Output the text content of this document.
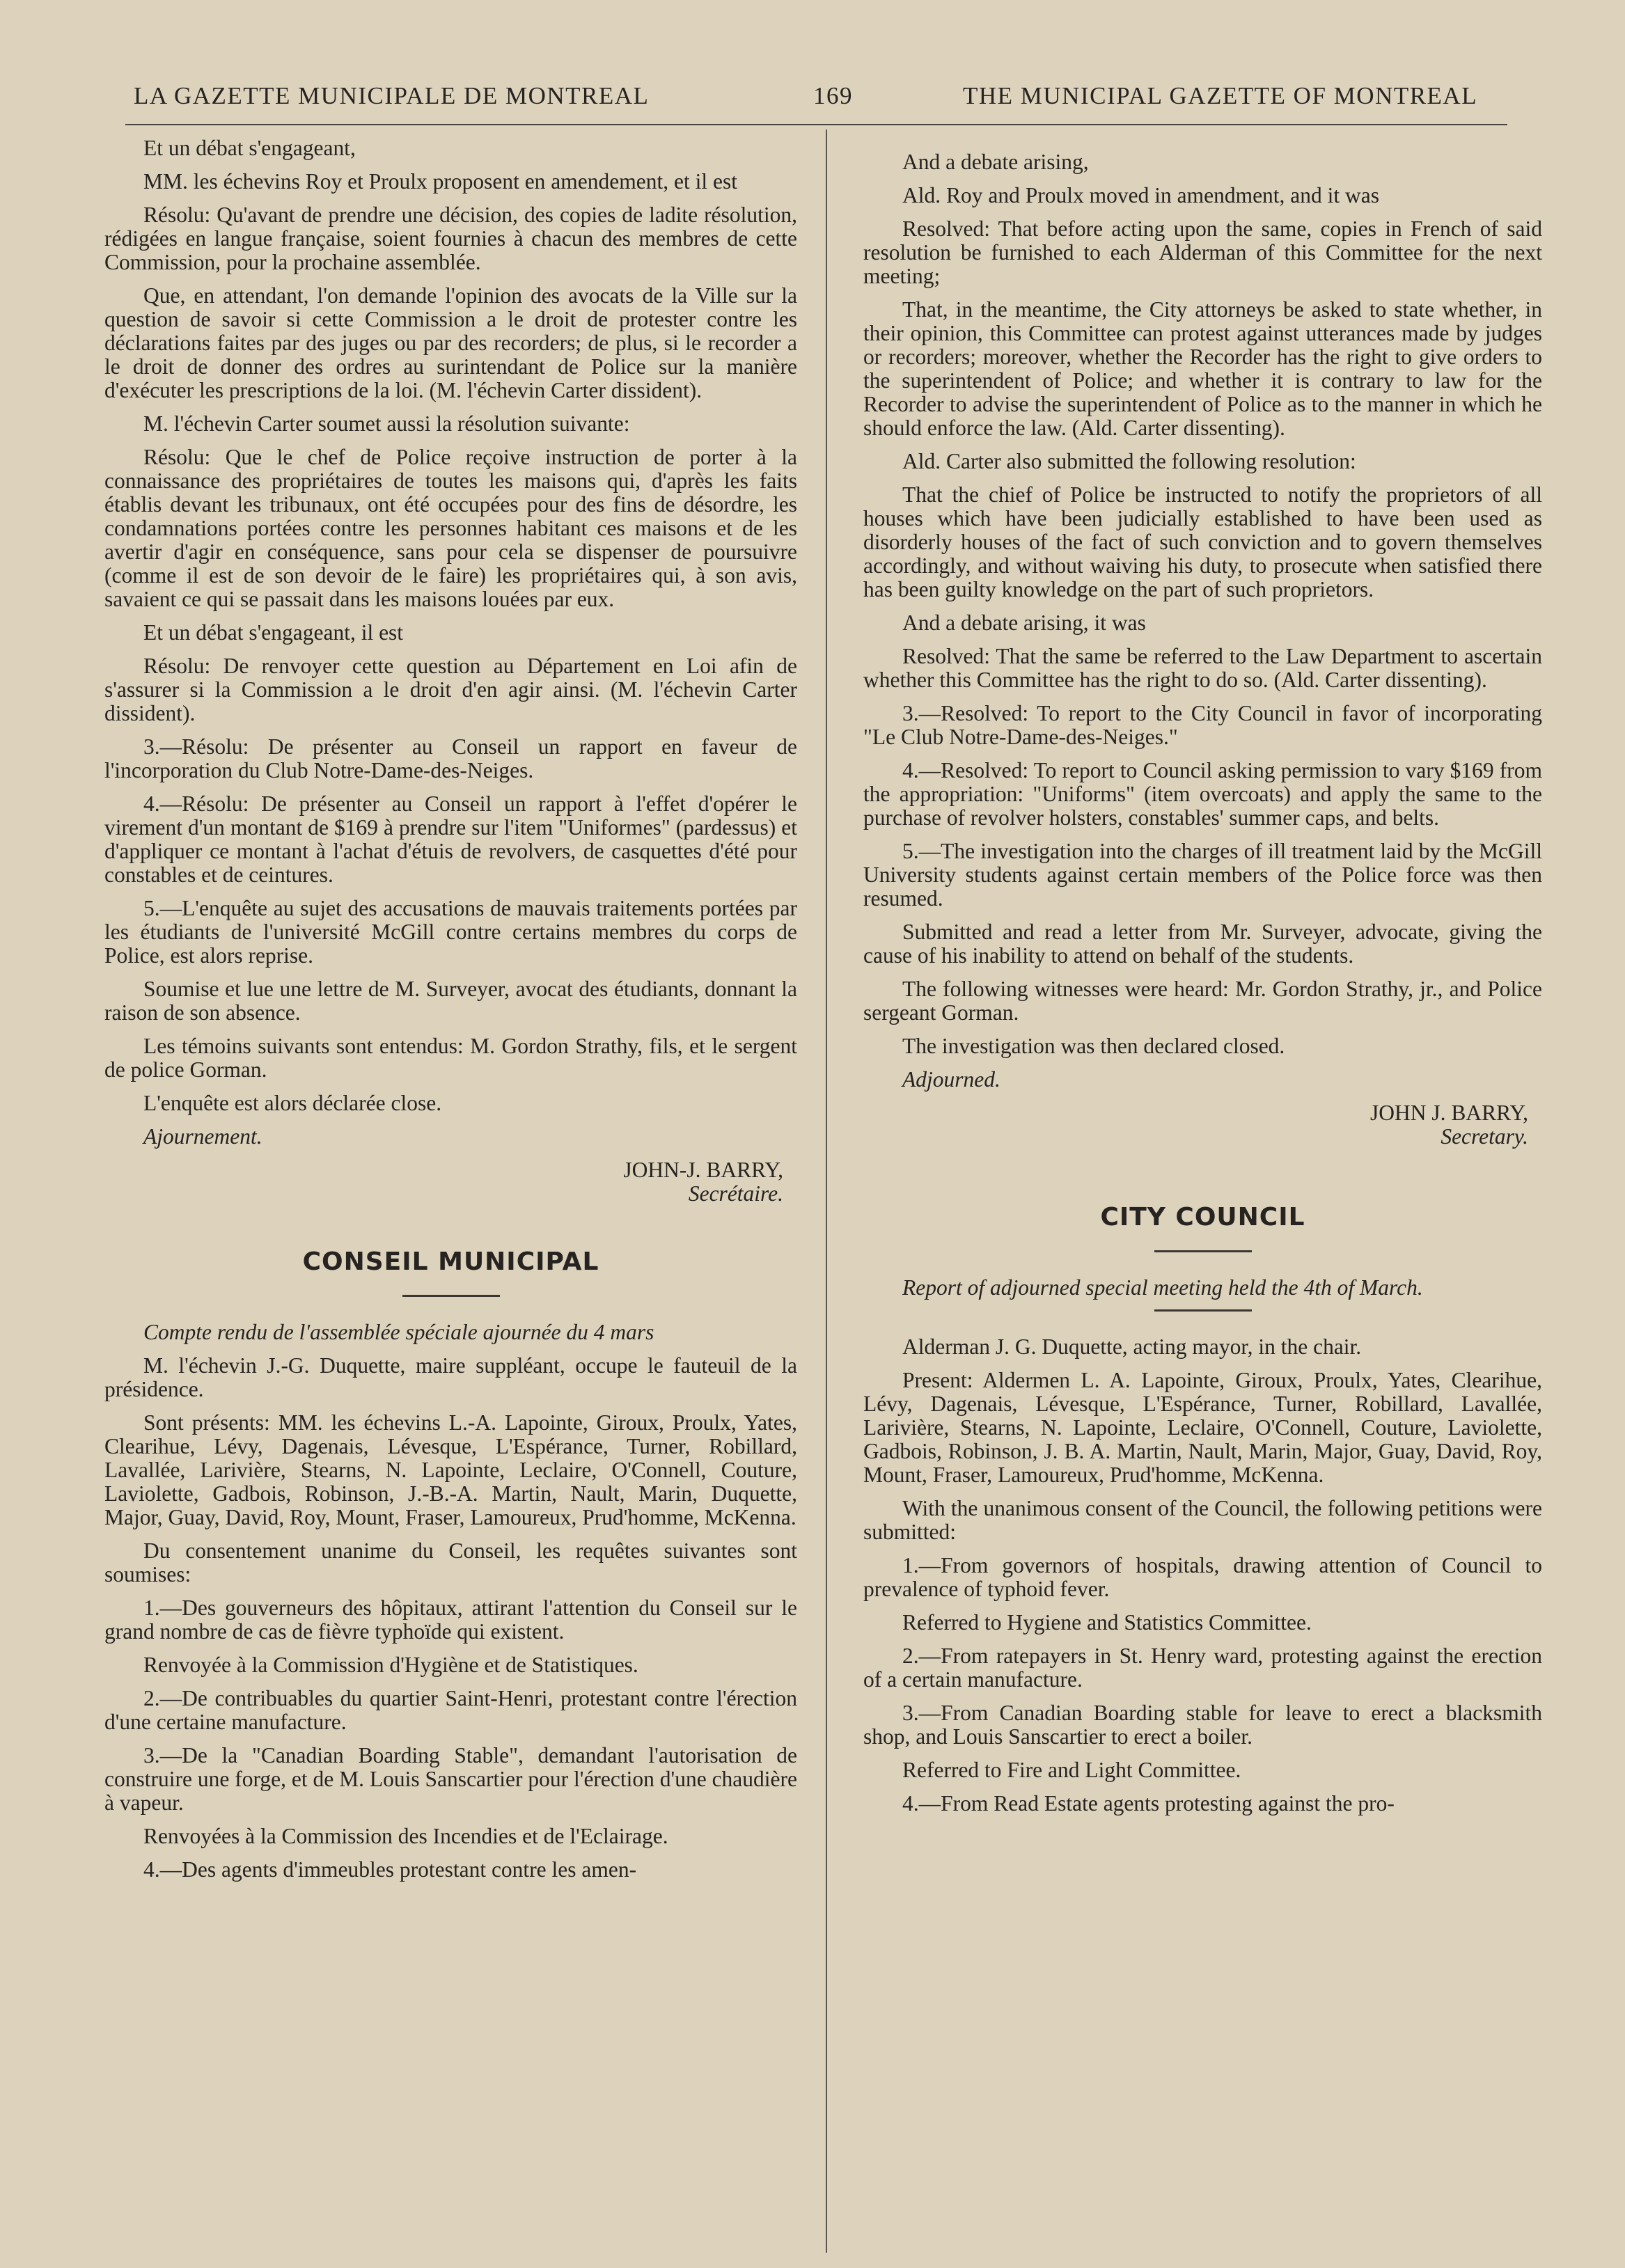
LA GAZETTE MUNICIPALE DE MONTREAL	169	THE MUNICIPAL GAZETTE OF MONTREAL

Et un débat s'engageant,

MM. les échevins Roy et Proulx proposent en amendement, et il est

Résolu: Qu'avant de prendre une décision, des copies de ladite résolution, rédigées en langue française, soient fournies à chacun des membres de cette Commission, pour la prochaine assemblée.

Que, en attendant, l'on demande l'opinion des avocats de la Ville sur la question de savoir si cette Commission a le droit de protester contre les déclarations faites par des juges ou par des recorders; de plus, si le recorder a le droit de donner des ordres au surintendant de Police sur la manière d'exécuter les prescriptions de la loi. (M. l'échevin Carter dissident).

M. l'échevin Carter soumet aussi la résolution suivante:

Résolu: Que le chef de Police reçoive instruction de porter à la connaissance des propriétaires de toutes les maisons qui, d'après les faits établis devant les tribunaux, ont été occupées pour des fins de désordre, les condamnations portées contre les personnes habitant ces maisons et de les avertir d'agir en conséquence, sans pour cela se dispenser de poursuivre (comme il est de son devoir de le faire) les propriétaires qui, à son avis, savaient ce qui se passait dans les maisons louées par eux.

Et un débat s'engageant, il est

Résolu: De renvoyer cette question au Département en Loi afin de s'assurer si la Commission a le droit d'en agir ainsi. (M. l'échevin Carter dissident).

3.—Résolu: De présenter au Conseil un rapport en faveur de l'incorporation du Club Notre-Dame-des-Neiges.

4.—Résolu: De présenter au Conseil un rapport à l'effet d'opérer le virement d'un montant de $169 à prendre sur l'item "Uniformes" (pardessus) et d'appliquer ce montant à l'achat d'étuis de revolvers, de casquettes d'été pour constables et de ceintures.

5.—L'enquête au sujet des accusations de mauvais traitements portées par les étudiants de l'université McGill contre certains membres du corps de Police, est alors reprise.

Soumise et lue une lettre de M. Surveyer, avocat des étudiants, donnant la raison de son absence.

Les témoins suivants sont entendus: M. Gordon Strathy, fils, et le sergent de police Gorman.

L'enquête est alors déclarée close.

Ajournement.

JOHN-J. BARRY,
Secrétaire.
CONSEIL MUNICIPAL

Compte rendu de l'assemblée spéciale ajournée du 4 mars

M. l'échevin J.-G. Duquette, maire suppléant, occupe le fauteuil de la présidence.

Sont présents: MM. les échevins L.-A. Lapointe, Giroux, Proulx, Yates, Clearihue, Lévy, Dagenais, Lévesque, L'Espérance, Turner, Robillard, Lavallée, Larivière, Stearns, N. Lapointe, Leclaire, O'Connell, Couture, Laviolette, Gadbois, Robinson, J.-B.-A. Martin, Nault, Marin, Duquette, Major, Guay, David, Roy, Mount, Fraser, Lamoureux, Prud'homme, McKenna.

Du consentement unanime du Conseil, les requêtes suivantes sont soumises:

1.—Des gouverneurs des hôpitaux, attirant l'attention du Conseil sur le grand nombre de cas de fièvre typhoïde qui existent.

Renvoyée à la Commission d'Hygiène et de Statistiques.

2.—De contribuables du quartier Saint-Henri, protestant contre l'érection d'une certaine manufacture.

3.—De la "Canadian Boarding Stable", demandant l'autorisation de construire une forge, et de M. Louis Sanscartier pour l'érection d'une chaudière à vapeur.

Renvoyées à la Commission des Incendies et de l'Eclairage.

4.—Des agents d'immeubles protestant contre les amen-

And a debate arising,

Ald. Roy and Proulx moved in amendment, and it was

Resolved: That before acting upon the same, copies in French of said resolution be furnished to each Alderman of this Committee for the next meeting;

That, in the meantime, the City attorneys be asked to state whether, in their opinion, this Committee can protest against utterances made by judges or recorders; moreover, whether the Recorder has the right to give orders to the superintendent of Police; and whether it is contrary to law for the Recorder to advise the superintendent of Police as to the manner in which he should enforce the law. (Ald. Carter dissenting).

Ald. Carter also submitted the following resolution:

That the chief of Police be instructed to notify the proprietors of all houses which have been judicially established to have been used as disorderly houses of the fact of such conviction and to govern themselves accordingly, and without waiving his duty, to prosecute when satisfied there has been guilty knowledge on the part of such proprietors.

And a debate arising, it was

Resolved: That the same be referred to the Law Department to ascertain whether this Committee has the right to do so. (Ald. Carter dissenting).

3.—Resolved: To report to the City Council in favor of incorporating "Le Club Notre-Dame-des-Neiges."

4.—Resolved: To report to Council asking permission to vary $169 from the appropriation: "Uniforms" (item overcoats) and apply the same to the purchase of revolver holsters, constables' summer caps, and belts.

5.—The investigation into the charges of ill treatment laid by the McGill University students against certain members of the Police force was then resumed.

Submitted and read a letter from Mr. Surveyer, advocate, giving the cause of his inability to attend on behalf of the students.

The following witnesses were heard: Mr. Gordon Strathy, jr., and Police sergeant Gorman.

The investigation was then declared closed.

Adjourned.

JOHN J. BARRY,
Secretary.
CITY COUNCIL

Report of adjourned special meeting held the 4th of March.

Alderman J. G. Duquette, acting mayor, in the chair.

Present: Aldermen L. A. Lapointe, Giroux, Proulx, Yates, Clearihue, Lévy, Dagenais, Lévesque, L'Espérance, Turner, Robillard, Lavallée, Larivière, Stearns, N. Lapointe, Leclaire, O'Connell, Couture, Laviolette, Gadbois, Robinson, J. B. A. Martin, Nault, Marin, Major, Guay, David, Roy, Mount, Fraser, Lamoureux, Prud'homme, McKenna.

With the unanimous consent of the Council, the following petitions were submitted:

1.—From governors of hospitals, drawing attention of Council to prevalence of typhoid fever.

Referred to Hygiene and Statistics Committee.

2.—From ratepayers in St. Henry ward, protesting against the erection of a certain manufacture.

3.—From Canadian Boarding stable for leave to erect a blacksmith shop, and Louis Sanscartier to erect a boiler.

Referred to Fire and Light Committee.

4.—From Read Estate agents protesting against the pro-
